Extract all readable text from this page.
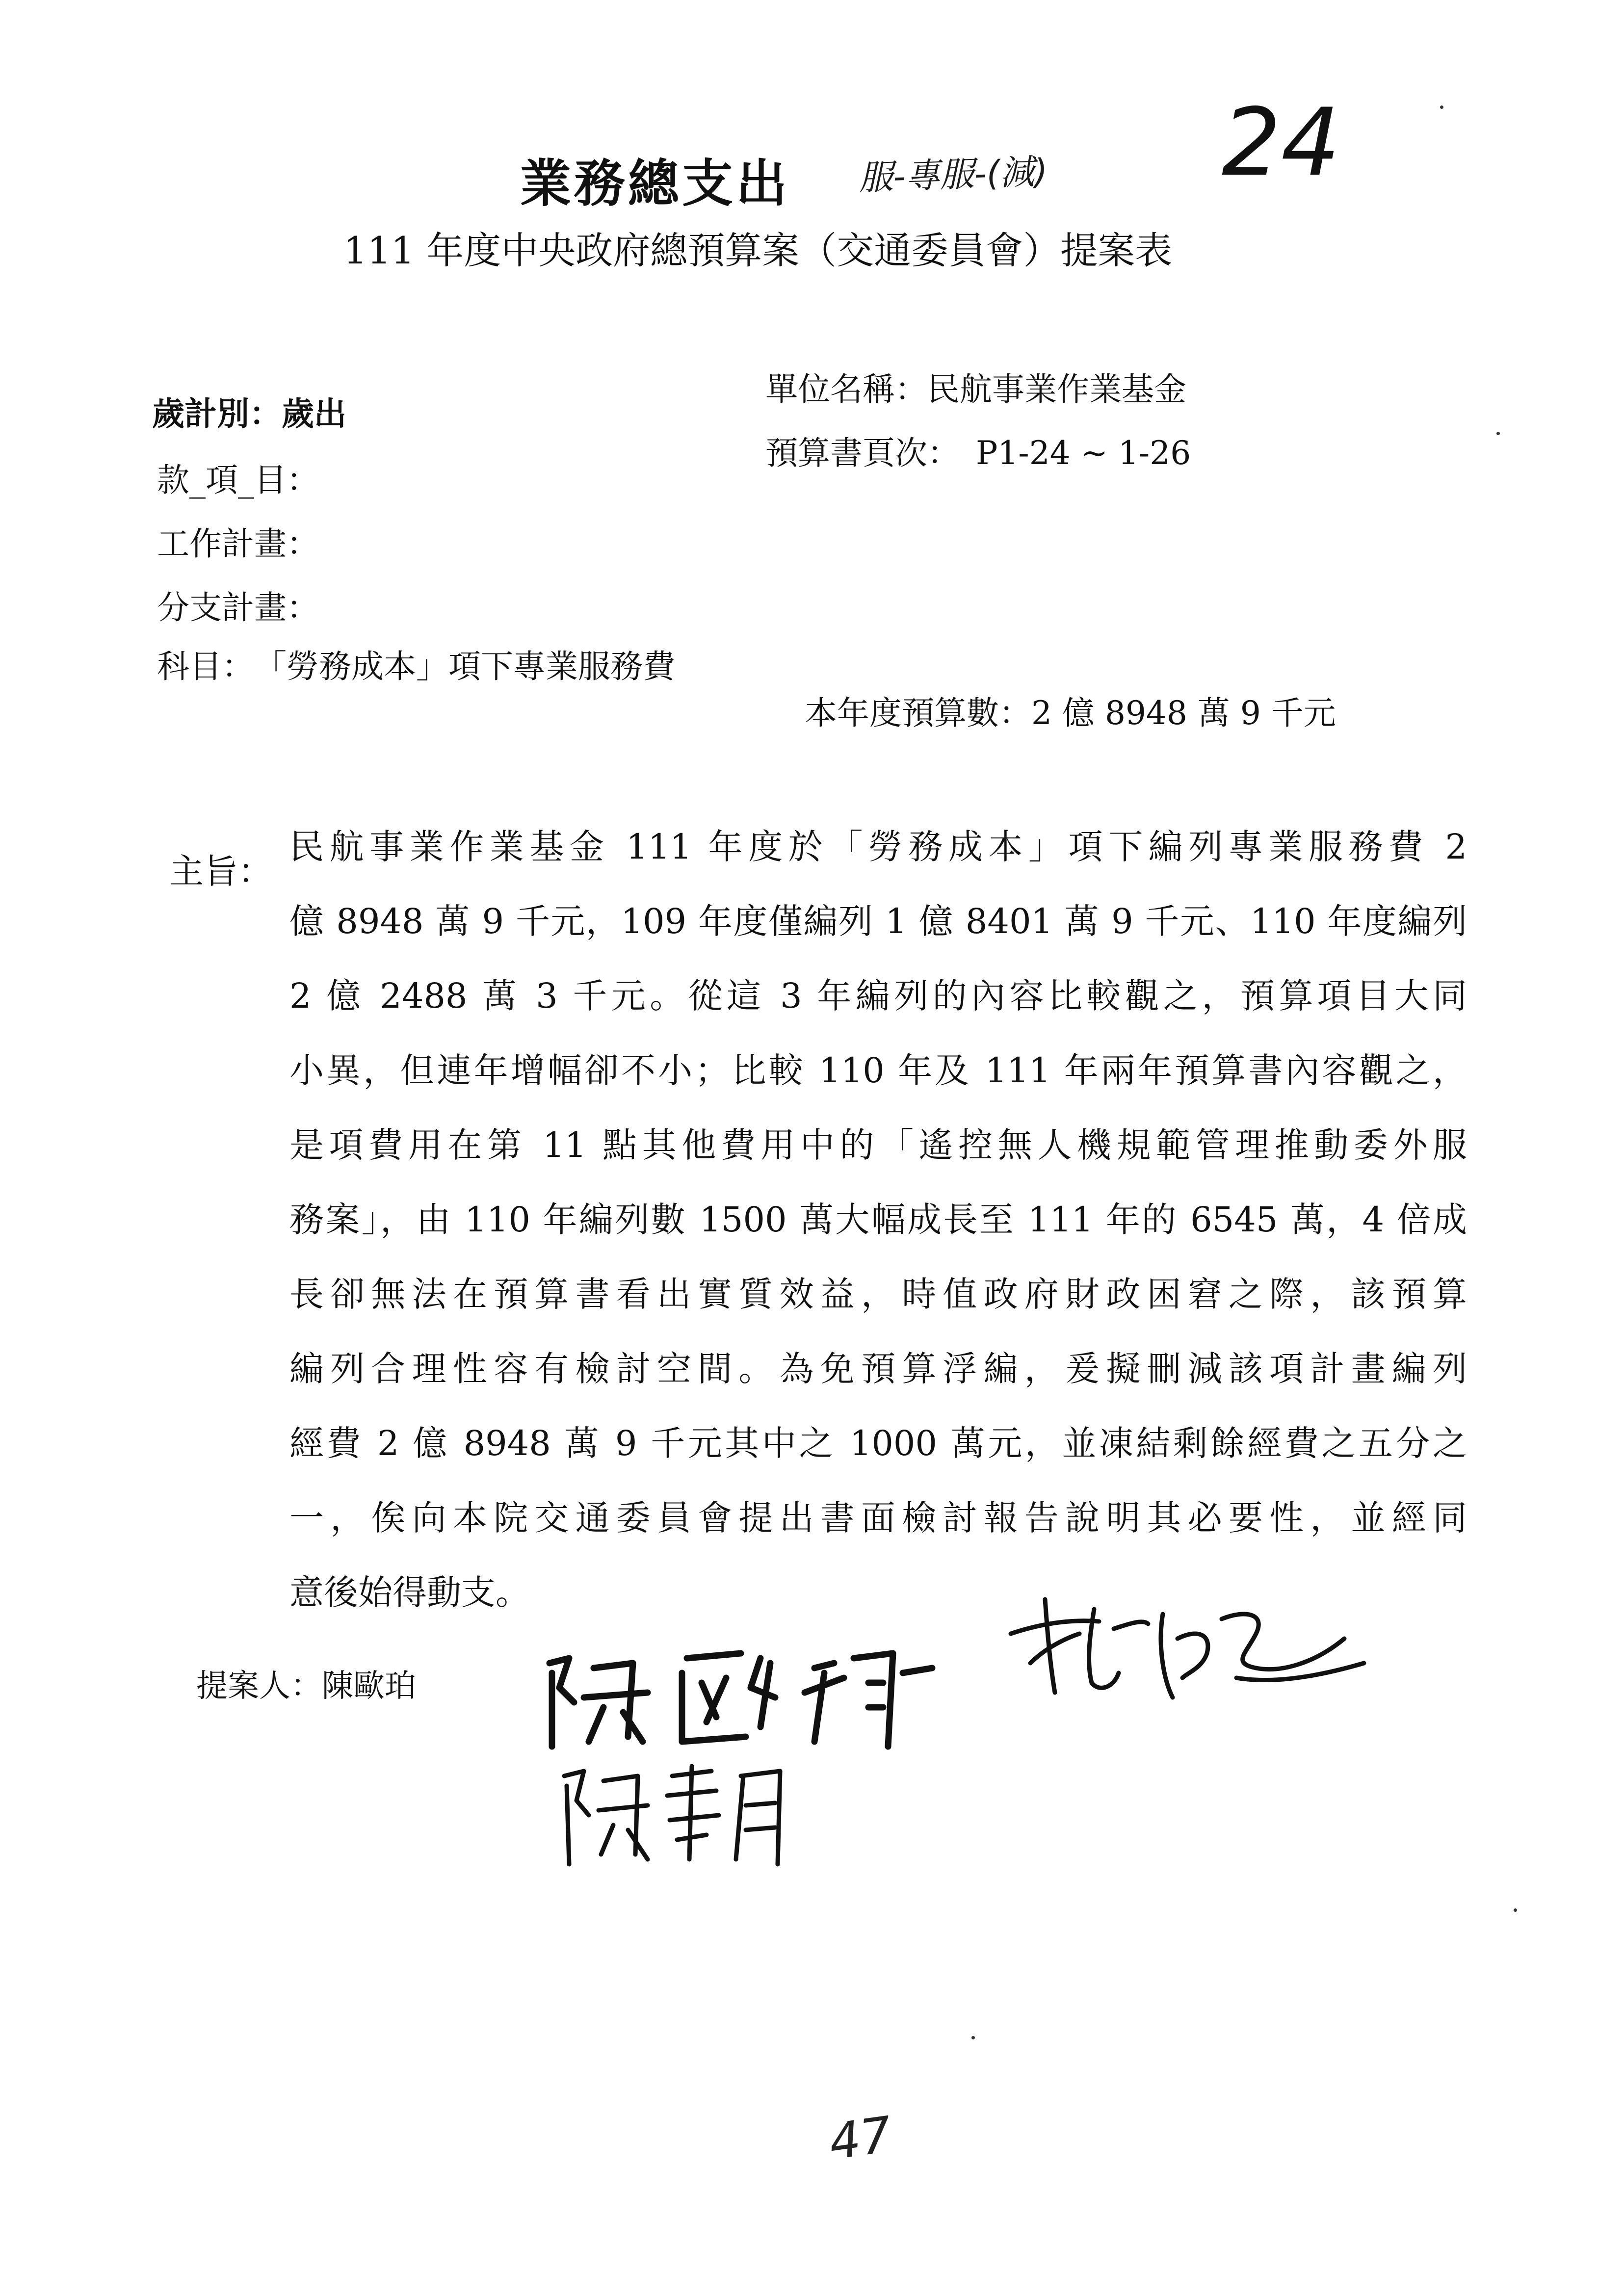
業務總支出 服-專服-(減) 24
111 年度中央政府總預算案（交通委員會）提案表
歲計別：歲出
款_項_目：
工作計畫：
分支計畫：
科目：　「勞務成本」項下專業服務費
單位名稱：民航事業作業基金
預算書頁次：　P1-24 ~ 1-26
本年度預算數：2 億 8948 萬 9 千元
主旨：
民航事業作業基金 111 年度於「勞務成本」項下編列專業服務費 2
億 8948 萬 9 千元，109 年度僅編列 1 億 8401 萬 9 千元、110 年度編列
2 億 2488 萬 3 千元。從這 3 年編列的內容比較觀之，預算項目大同
小異，但連年增幅卻不小；比較 110 年及 111 年兩年預算書內容觀之，
是項費用在第 11 點其他費用中的「遙控無人機規範管理推動委外服
務案」，由 110 年編列數 1500 萬大幅成長至 111 年的 6545 萬，4 倍成
長卻無法在預算書看出實質效益，時值政府財政困窘之際，該預算
編列合理性容有檢討空間。為免預算浮編，爰擬刪減該項計畫編列
經費 2 億 8948 萬 9 千元其中之 1000 萬元，並凍結剩餘經費之五分之
一，俟向本院交通委員會提出書面檢討報告說明其必要性，並經同
意後始得動支。
提案人：陳歐珀
47
